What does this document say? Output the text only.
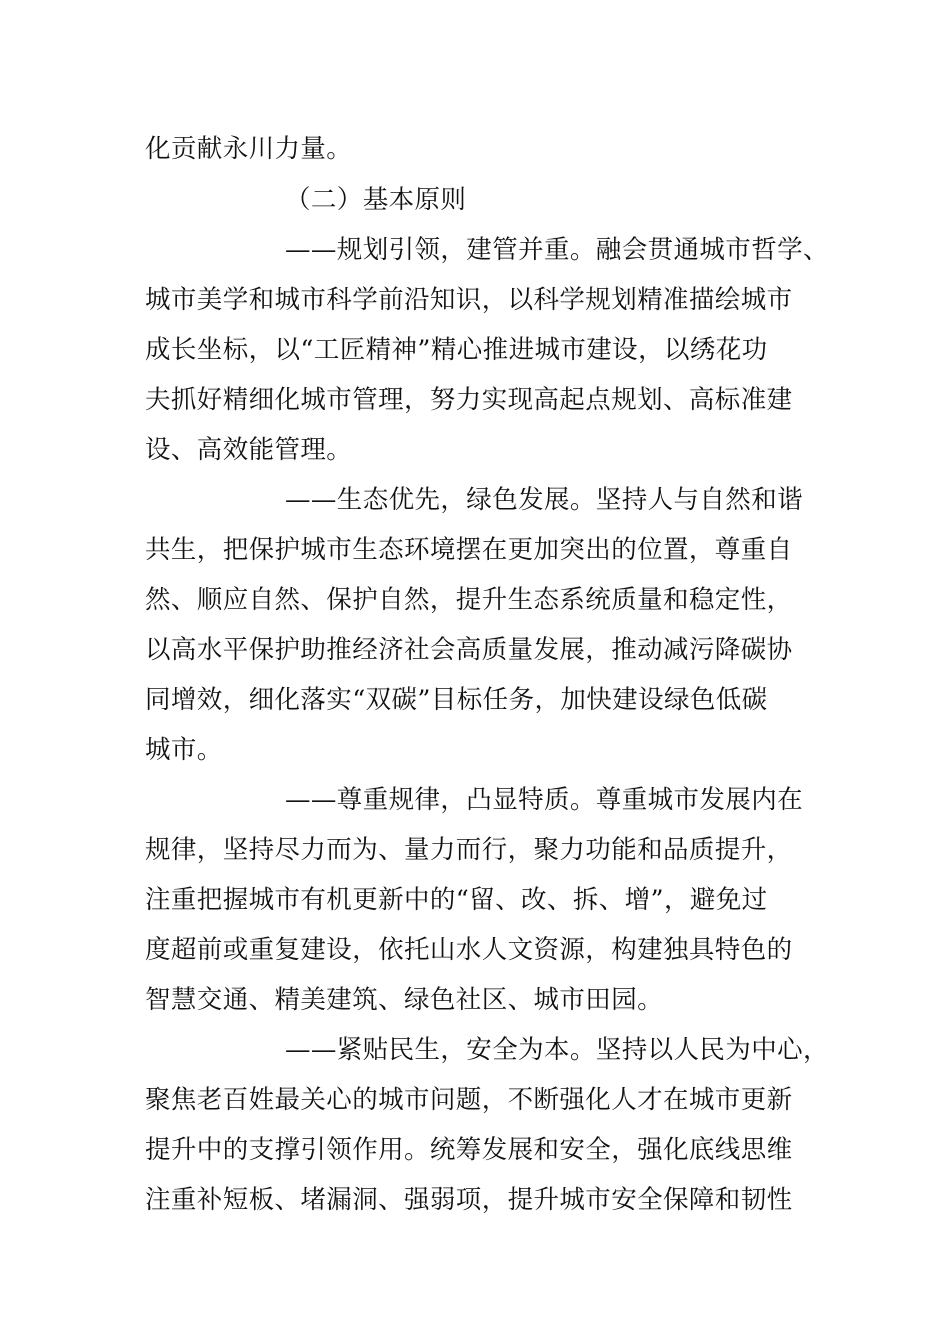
化贡献永川力量。
（二）基本原则
——规划引领，建管并重。融会贯通城市哲学、
城市美学和城市科学前沿知识，以科学规划精准描绘城市
成长坐标，以“工匠精神”精心推进城市建设，以绣花功
夫抓好精细化城市管理，努力实现高起点规划、高标准建
设、高效能管理。
——生态优先，绿色发展。坚持人与自然和谐
共生，把保护城市生态环境摆在更加突出的位置，尊重自
然、顺应自然、保护自然，提升生态系统质量和稳定性，
以高水平保护助推经济社会高质量发展，推动减污降碳协
同增效，细化落实“双碳”目标任务，加快建设绿色低碳
城市。
——尊重规律，凸显特质。尊重城市发展内在
规律，坚持尽力而为、量力而行，聚力功能和品质提升，
注重把握城市有机更新中的“留、改、拆、增”，避免过
度超前或重复建设，依托山水人文资源，构建独具特色的
智慧交通、精美建筑、绿色社区、城市田园。
——紧贴民生，安全为本。坚持以人民为中心，
聚焦老百姓最关心的城市问题，不断强化人才在城市更新
提升中的支撑引领作用。统筹发展和安全，强化底线思维
注重补短板、堵漏洞、强弱项，提升城市安全保障和韧性
